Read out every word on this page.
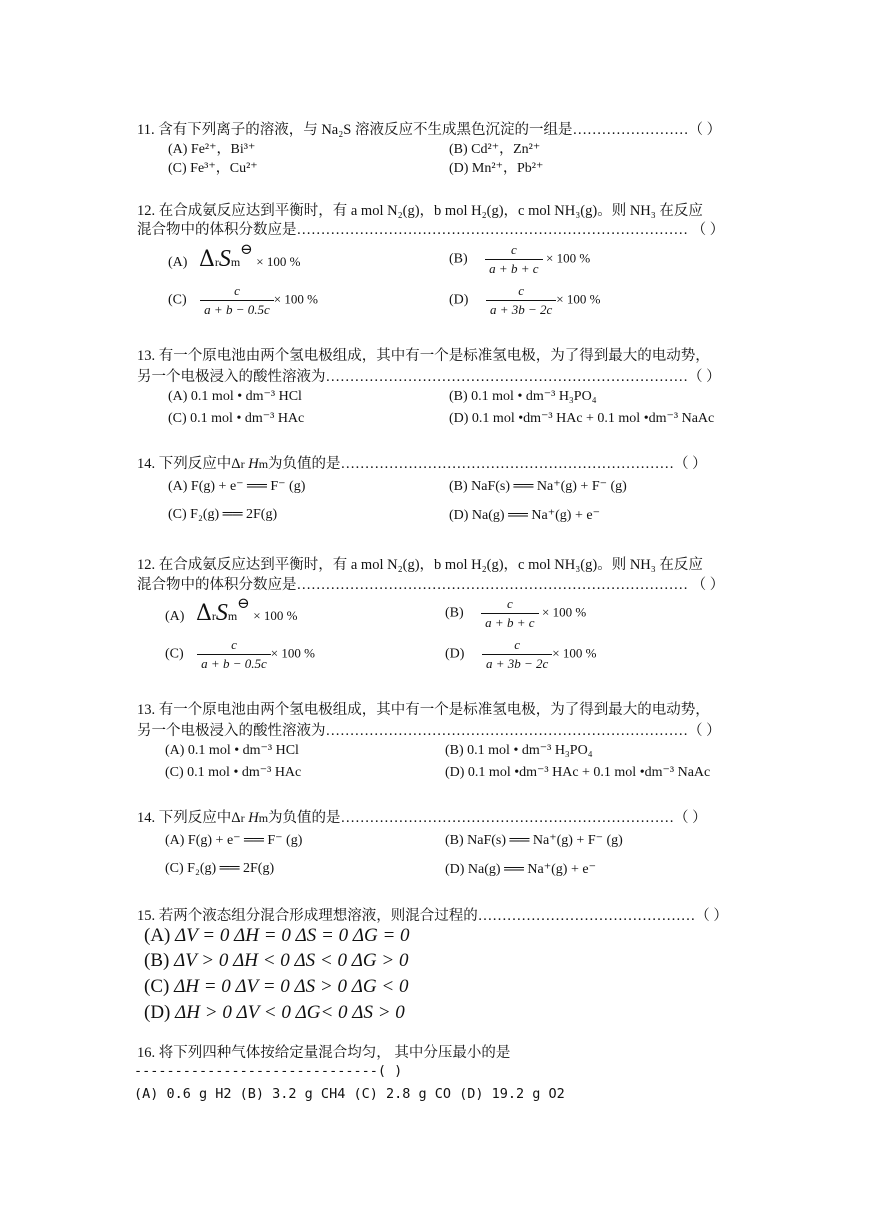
11. 含有下列离子的溶液，与 Na₂S 溶液反应不生成黑色沉淀的一组是……………………（ ）
(A) Fe²⁺，Bi³⁺	(B) Cd²⁺，Zn²⁺
(C) Fe³⁺，Cu²⁺	(D) Mn²⁺，Pb²⁺
12. 在合成氨反应达到平衡时，有 a mol N₂(g)，b mol H₂(g)，c mol NH₃(g)。则 NH₃ 在反应
混合物中的体积分数应是……………………………………………………………………… （ ）
(A) ΔrSm⊖ × 100 %	$(B) \frac{c}{a + b + c} \times 100$ %
$(C) \frac{c}{a + b - 0.5c} \times 100$ %	$(D) \frac{c}{a + 3b - 2c} \times 100$ %
13. 有一个原电池由两个氢电极组成，其中有一个是标准氢电极，为了得到最大的电动势，
另一个电极浸入的酸性溶液为…………………………………………………………………（ ）
(A) 0.1 mol • dm⁻³ HCl	(B) 0.1 mol • dm⁻³ H₃PO₄
(C) 0.1 mol • dm⁻³ HAc	(D) 0.1 mol •dm⁻³ HAc + 0.1 mol •dm⁻³ NaAc
14. 下列反应中Δr Hm为负值的是……………………………………………………………（ ）
(A) F(g) + e⁻ ══ F⁻ (g)	(B) NaF(s) ══ Na⁺(g) + F⁻ (g)
(C) F₂(g) ══ 2F(g)	(D) Na(g) ══ Na⁺(g) + e⁻
12. 在合成氨反应达到平衡时，有 a mol N₂(g)，b mol H₂(g)，c mol NH₃(g)。则 NH₃ 在反应
混合物中的体积分数应是……………………………………………………………………… （ ）
(A) ΔrSm⊖ × 100 %	$(B) \frac{c}{a + b + c} \times 100$ %
$(C) \frac{c}{a + b - 0.5c} \times 100$ %	$(D) \frac{c}{a + 3b - 2c} \times 100$ %
13. 有一个原电池由两个氢电极组成，其中有一个是标准氢电极，为了得到最大的电动势，
另一个电极浸入的酸性溶液为…………………………………………………………………（ ）
(A) 0.1 mol • dm⁻³ HCl	(B) 0.1 mol • dm⁻³ H₃PO₄
(C) 0.1 mol • dm⁻³ HAc	(D) 0.1 mol •dm⁻³ HAc + 0.1 mol •dm⁻³ NaAc
14. 下列反应中Δr Hm为负值的是……………………………………………………………（ ）
(A) F(g) + e⁻ ══ F⁻ (g)	(B) NaF(s) ══ Na⁺(g) + F⁻ (g)
(C) F₂(g) ══ 2F(g)	(D) Na(g) ══ Na⁺(g) + e⁻
15. 若两个液态组分混合形成理想溶液，则混合过程的………………………………………（ ）
(A) ΔV = 0 ΔH = 0 ΔS = 0 ΔG = 0
(B) ΔV > 0 ΔH < 0 ΔS < 0 ΔG > 0
(C) ΔH = 0 ΔV = 0 ΔS > 0 ΔG < 0
(D) ΔH > 0 ΔV < 0 ΔG< 0 ΔS > 0
16. 将下列四种气体按给定量混合均匀， 其中分压最小的是
------------------------------( )
(A) 0.6 g H2 (B) 3.2 g CH4 (C) 2.8 g CO (D) 19.2 g O2
